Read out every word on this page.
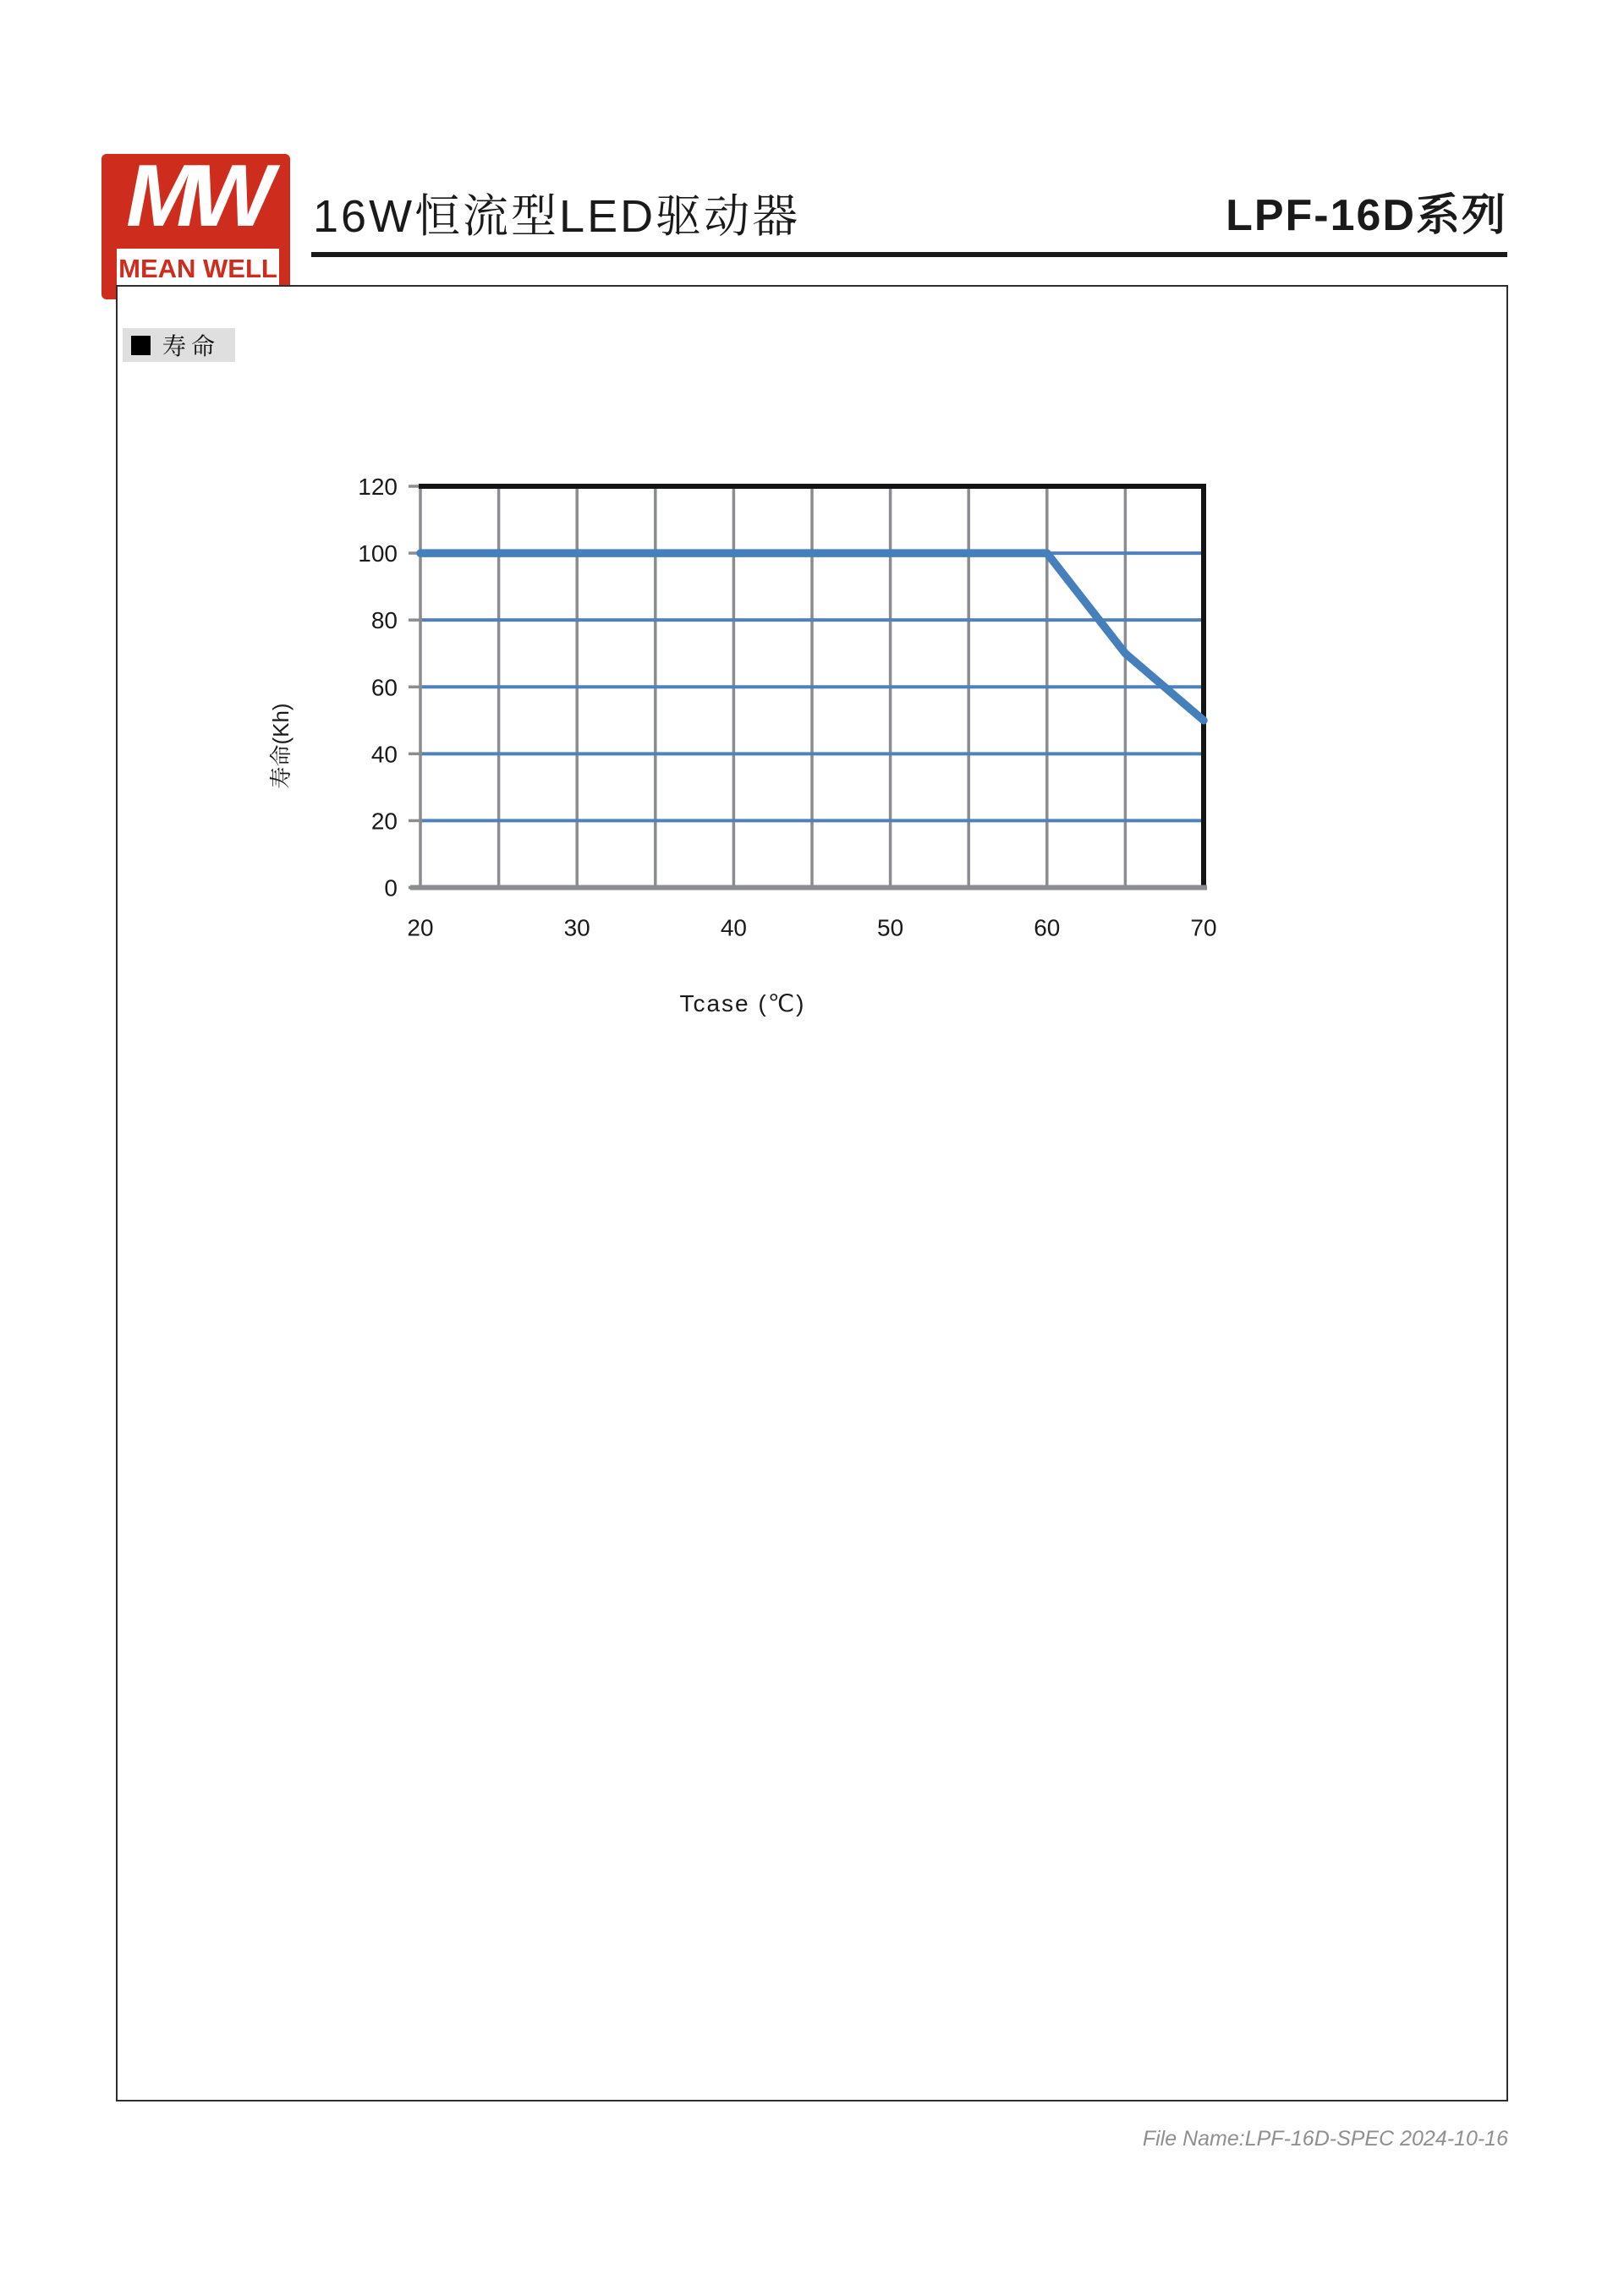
MW
MEAN WELL
16W恒流型LED驱动器	LPF-16D系列
寿命
0
20
40
60
80
100
120
20	30	40	50	60	70
Tcase (℃)
寿命(Kh)
File Name:LPF-16D-SPEC 2024-10-16
